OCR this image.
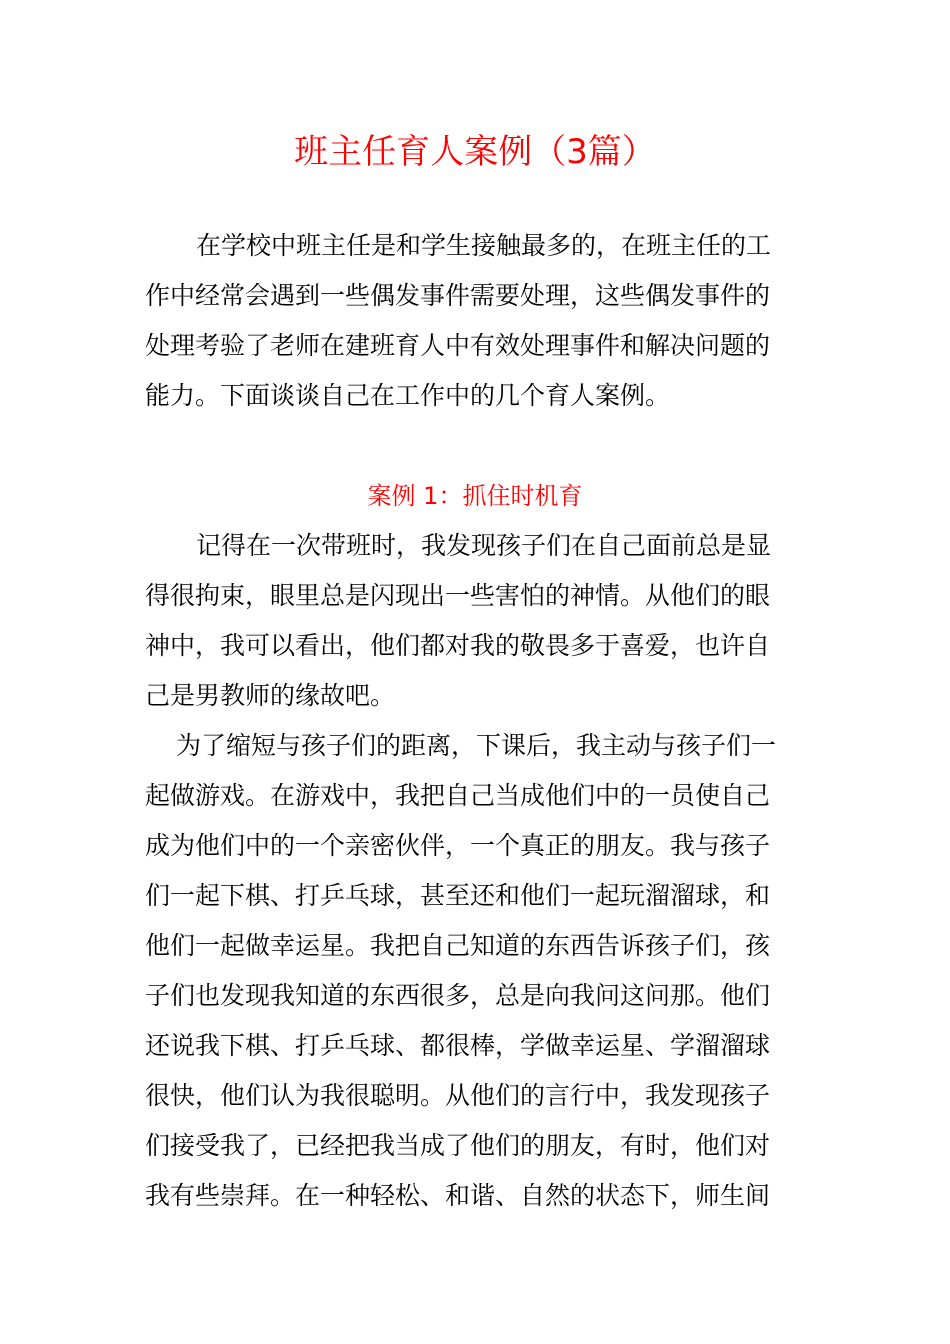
班主任育人案例（3篇）

在学校中班主任是和学生接触最多的，在班主任的工

作中经常会遇到一些偶发事件需要处理，这些偶发事件的

处理考验了老师在建班育人中有效处理事件和解决问题的

能力。下面谈谈自己在工作中的几个育人案例。

案例 1：抓住时机育

记得在一次带班时，我发现孩子们在自己面前总是显

得很拘束，眼里总是闪现出一些害怕的神情。从他们的眼

神中，我可以看出，他们都对我的敬畏多于喜爱，也许自

己是男教师的缘故吧。

为了缩短与孩子们的距离，下课后，我主动与孩子们一

起做游戏。在游戏中，我把自己当成他们中的一员使自己

成为他们中的一个亲密伙伴，一个真正的朋友。我与孩子

们一起下棋、打乒乓球，甚至还和他们一起玩溜溜球，和

他们一起做幸运星。我把自己知道的东西告诉孩子们，孩

子们也发现我知道的东西很多，总是向我问这问那。他们

还说我下棋、打乒乓球、都很棒，学做幸运星、学溜溜球

很快，他们认为我很聪明。从他们的言行中，我发现孩子

们接受我了，已经把我当成了他们的朋友，有时，他们对

我有些崇拜。在一种轻松、和谐、自然的状态下，师生间
